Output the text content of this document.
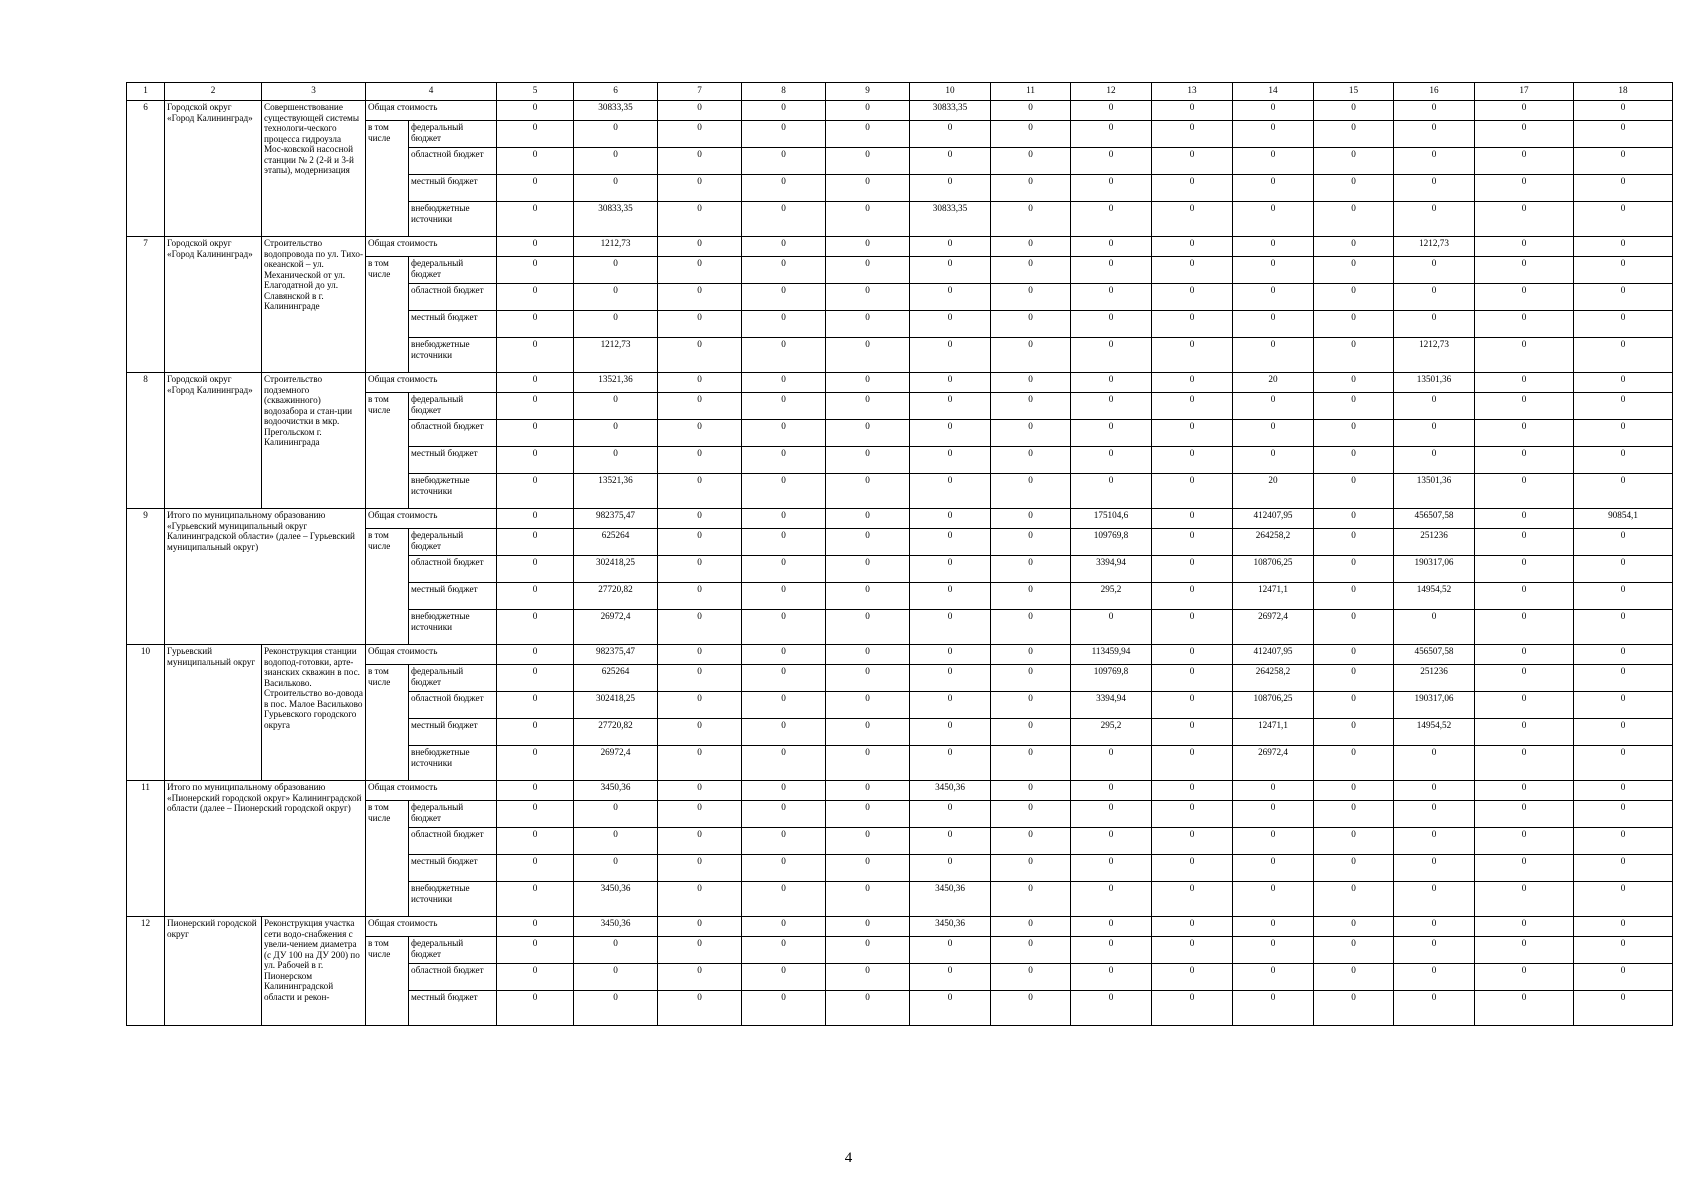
1	2	3	4		5	6	7	8	9	10	11	12	13	14	15	16	17	18
6	Городской округ «Город Калининград»	Совершенствование существующей системы технологи-ческого процесса гидроузла Мос-ковской насосной станции № 2 (2-й и 3-й этапы), модернизация	Общая стоимость		0	30833,35	0	0	0	30833,35	0	0	0	0	0	0	0	0
			в том числе	федеральный бюджет	0	0	0	0	0	0	0	0	0	0	0	0	0	0
				областной бюджет	0	0	0	0	0	0	0	0	0	0	0	0	0	0
				местный бюджет	0	0	0	0	0	0	0	0	0	0	0	0	0	0
				внебюджетные источники	0	30833,35	0	0	0	30833,35	0	0	0	0	0	0	0	0
7	Городской округ «Город Калининград»	Строительство водопровода по ул. Тихо-океанской – ул. Механической от ул. Елагодатной до ул. Славянской в г. Калининграде	Общая стоимость		0	1212,73	0	0	0	0	0	0	0	0	0	1212,73	0	0
			в том числе	федеральный бюджет	0	0	0	0	0	0	0	0	0	0	0	0	0	0
				областной бюджет	0	0	0	0	0	0	0	0	0	0	0	0	0	0
				местный бюджет	0	0	0	0	0	0	0	0	0	0	0	0	0	0
				внебюджетные источники	0	1212,73	0	0	0	0	0	0	0	0	0	1212,73	0	0
8	Городской округ «Город Калининград»	Строительство подземного (скважинного) водозабора и стан-ции водоочистки в мкр. Прегольском г. Калининграда	Общая стоимость		0	13521,36	0	0	0	0	0	0	0	20	0	13501,36	0	0
			в том числе	федеральный бюджет	0	0	0	0	0	0	0	0	0	0	0	0	0	0
				областной бюджет	0	0	0	0	0	0	0	0	0	0	0	0	0	0
				местный бюджет	0	0	0	0	0	0	0	0	0	0	0	0	0	0
				внебюджетные источники	0	13521,36	0	0	0	0	0	0	0	20	0	13501,36	0	0
9	Итого по муниципальному образованию «Гурьевский муниципальный округ Калининградской области» (далее – Гурьевский муниципальный округ)		Общая стоимость		0	982375,47	0	0	0	0	0	175104,6	0	412407,95	0	456507,58	0	90854,1
			в том числе	федеральный бюджет	0	625264	0	0	0	0	0	109769,8	0	264258,2	0	251236	0	0
				областной бюджет	0	302418,25	0	0	0	0	0	3394,94	0	108706,25	0	190317,06	0	0
				местный бюджет	0	27720,82	0	0	0	0	0	295,2	0	12471,1	0	14954,52	0	0
				внебюджетные источники	0	26972,4	0	0	0	0	0	0	0	26972,4	0	0	0	0
10	Гурьевский муниципальный округ	Реконструкция станции водопод-готовки, арте-зианских скважин в пос. Васильково. Строительство во-довода в пос. Малое Васильково Гурьевского городского округа	Общая стоимость		0	982375,47	0	0	0	0	0	113459,94	0	412407,95	0	456507,58	0	0
			в том числе	федеральный бюджет	0	625264	0	0	0	0	0	109769,8	0	264258,2	0	251236	0	0
				областной бюджет	0	302418,25	0	0	0	0	0	3394,94	0	108706,25	0	190317,06	0	0
				местный бюджет	0	27720,82	0	0	0	0	0	295,2	0	12471,1	0	14954,52	0	0
				внебюджетные источники	0	26972,4	0	0	0	0	0	0	0	26972,4	0	0	0	0
11	Итого по муниципальному образованию «Пионерский городской округ» Калининградской области (далее – Пионерский городской округ)		Общая стоимость		0	3450,36	0	0	0	3450,36	0	0	0	0	0	0	0	0
			в том числе	федеральный бюджет	0	0	0	0	0	0	0	0	0	0	0	0	0	0
				областной бюджет	0	0	0	0	0	0	0	0	0	0	0	0	0	0
				местный бюджет	0	0	0	0	0	0	0	0	0	0	0	0	0	0
				внебюджетные источники	0	3450,36	0	0	0	3450,36	0	0	0	0	0	0	0	0
12	Пионерский городской округ	Реконструкция участка сети водо-снабжения с увели-чением диаметра (с ДУ 100 на ДУ 200) по ул. Рабочей в г. Пионерском Калининградской области и рекон-	Общая стоимость		0	3450,36	0	0	0	3450,36	0	0	0	0	0	0	0	0
			в том числе	федеральный бюджет	0	0	0	0	0	0	0	0	0	0	0	0	0	0
				областной бюджет	0	0	0	0	0	0	0	0	0	0	0	0	0	0
				местный бюджет	0	0	0	0	0	0	0	0	0	0	0	0	0	0
4
